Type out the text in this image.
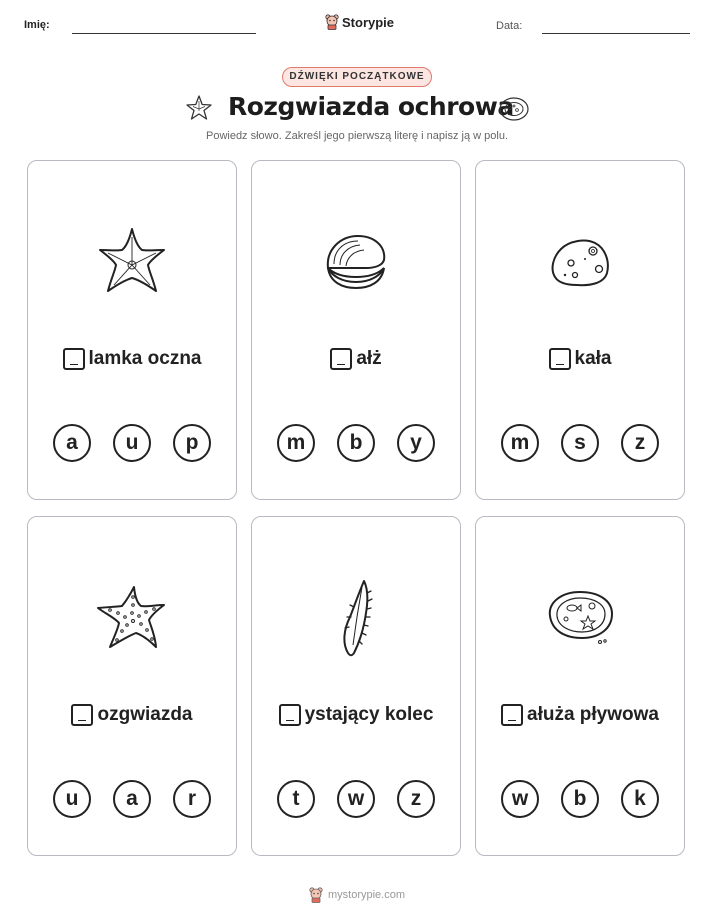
Imię:	Storypie	Data:
DŹWIĘKI POCZĄTKOWE
Rozgwiazda ochrowa
Powiedz słowo. Zakreśl jego pierwszą literę i napisz ją w polu.
lamka oczna
a	u	p
ałż
m	b	y
kała
m	s	z
ozgwiazda
u	a	r
ystający kolec
t	w	z
ałuża pływowa
w	b	k
mystorypie.com
